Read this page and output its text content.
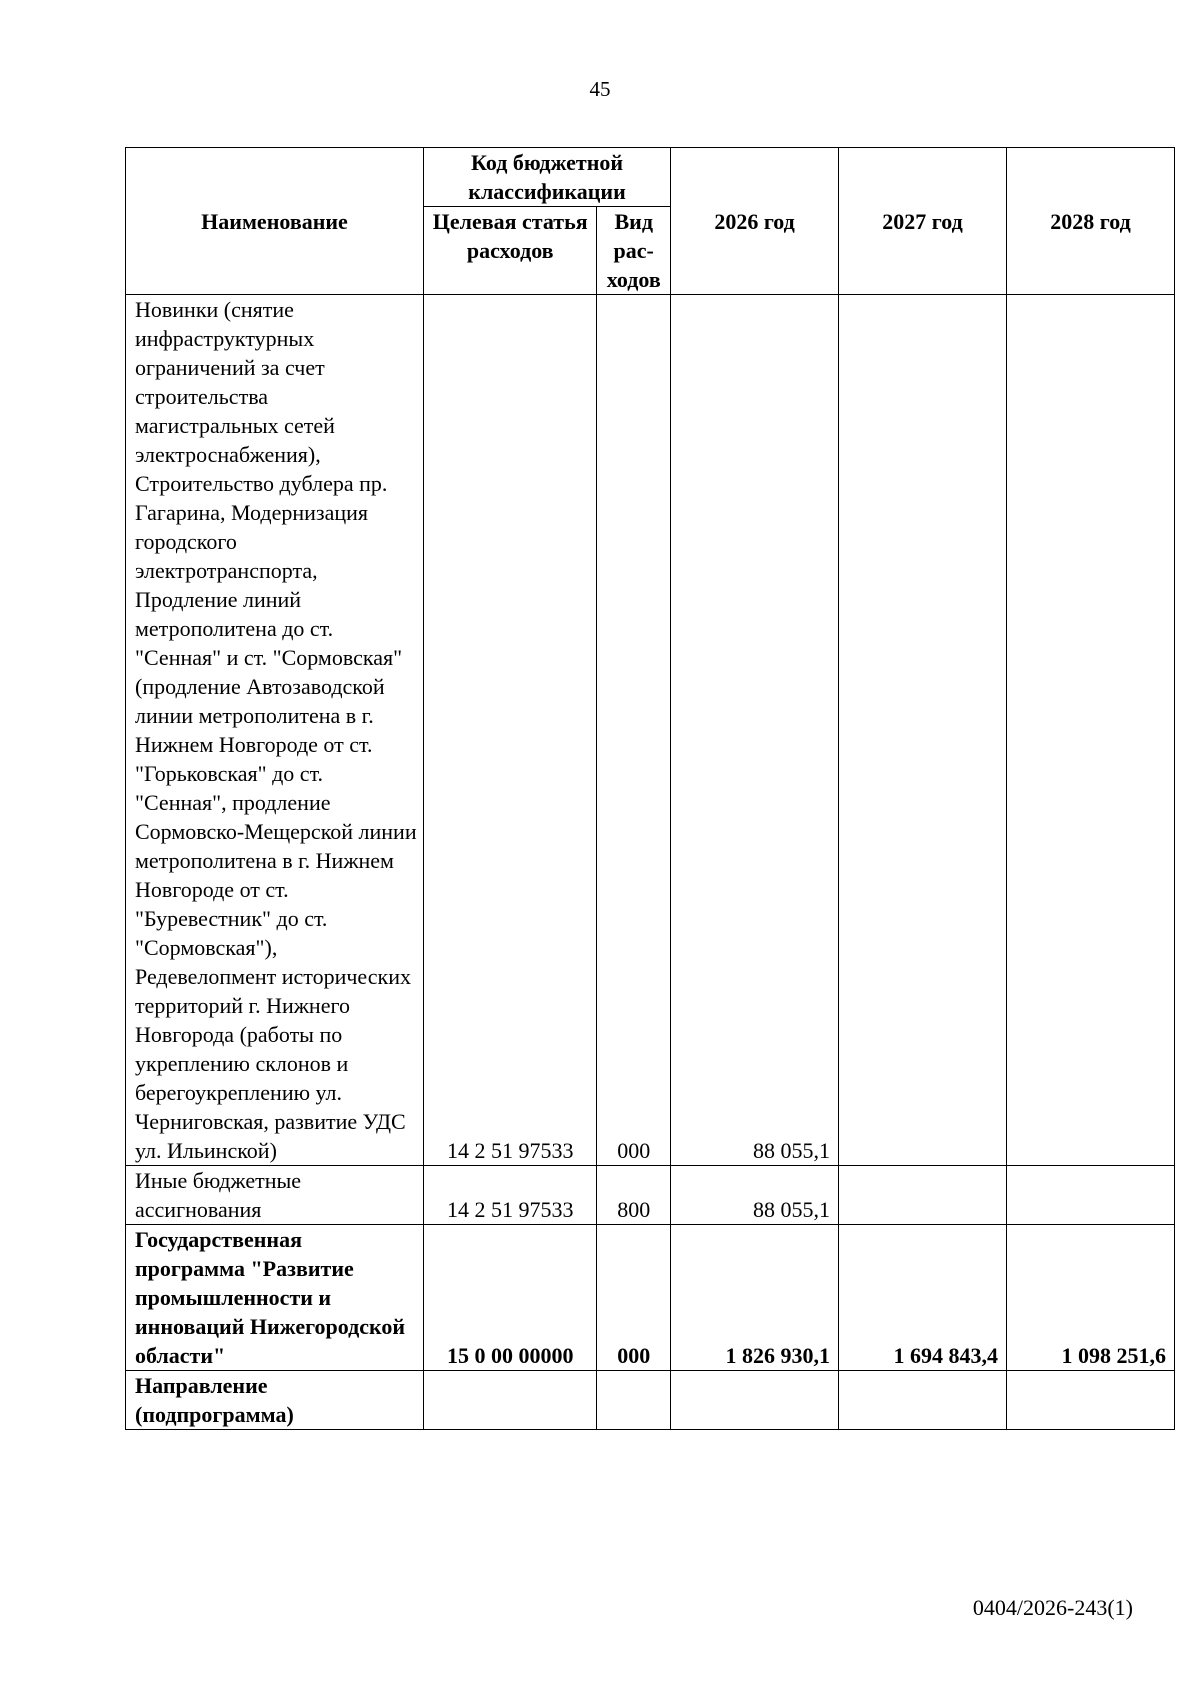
45
Наименование	Код бюджетной классификации		2026 год	2027 год	2028 год
	Целевая статья расходов	Вид рас-ходов			
Новинки (снятие инфраструктурных ограничений за счет строительства магистральных сетей электроснабжения), Строительство дублера пр. Гагарина, Модернизация городского электротранспорта, Продление линий метрополитена до ст. "Сенная" и ст. "Сормовская" (продление Автозаводской линии метрополитена в г. Нижнем Новгороде от ст. "Горьковская" до ст. "Сенная", продление Сормовско-Мещерской линии метрополитена в г. Нижнем Новгороде от ст. "Буревестник" до ст. "Сормовская"), Редевелопмент исторических территорий г. Нижнего Новгорода (работы по укреплению склонов и берегоукреплению ул. Черниговская, развитие УДС ул. Ильинской)	14 2 51 97533	000	88 055,1		
Иные бюджетные ассигнования	14 2 51 97533	800	88 055,1		
Государственная программа "Развитие промышленности и инноваций Нижегородской области"	15 0 00 00000	000	1 826 930,1	1 694 843,4	1 098 251,6
Направление (подпрограмма)					
0404/2026-243(1)
